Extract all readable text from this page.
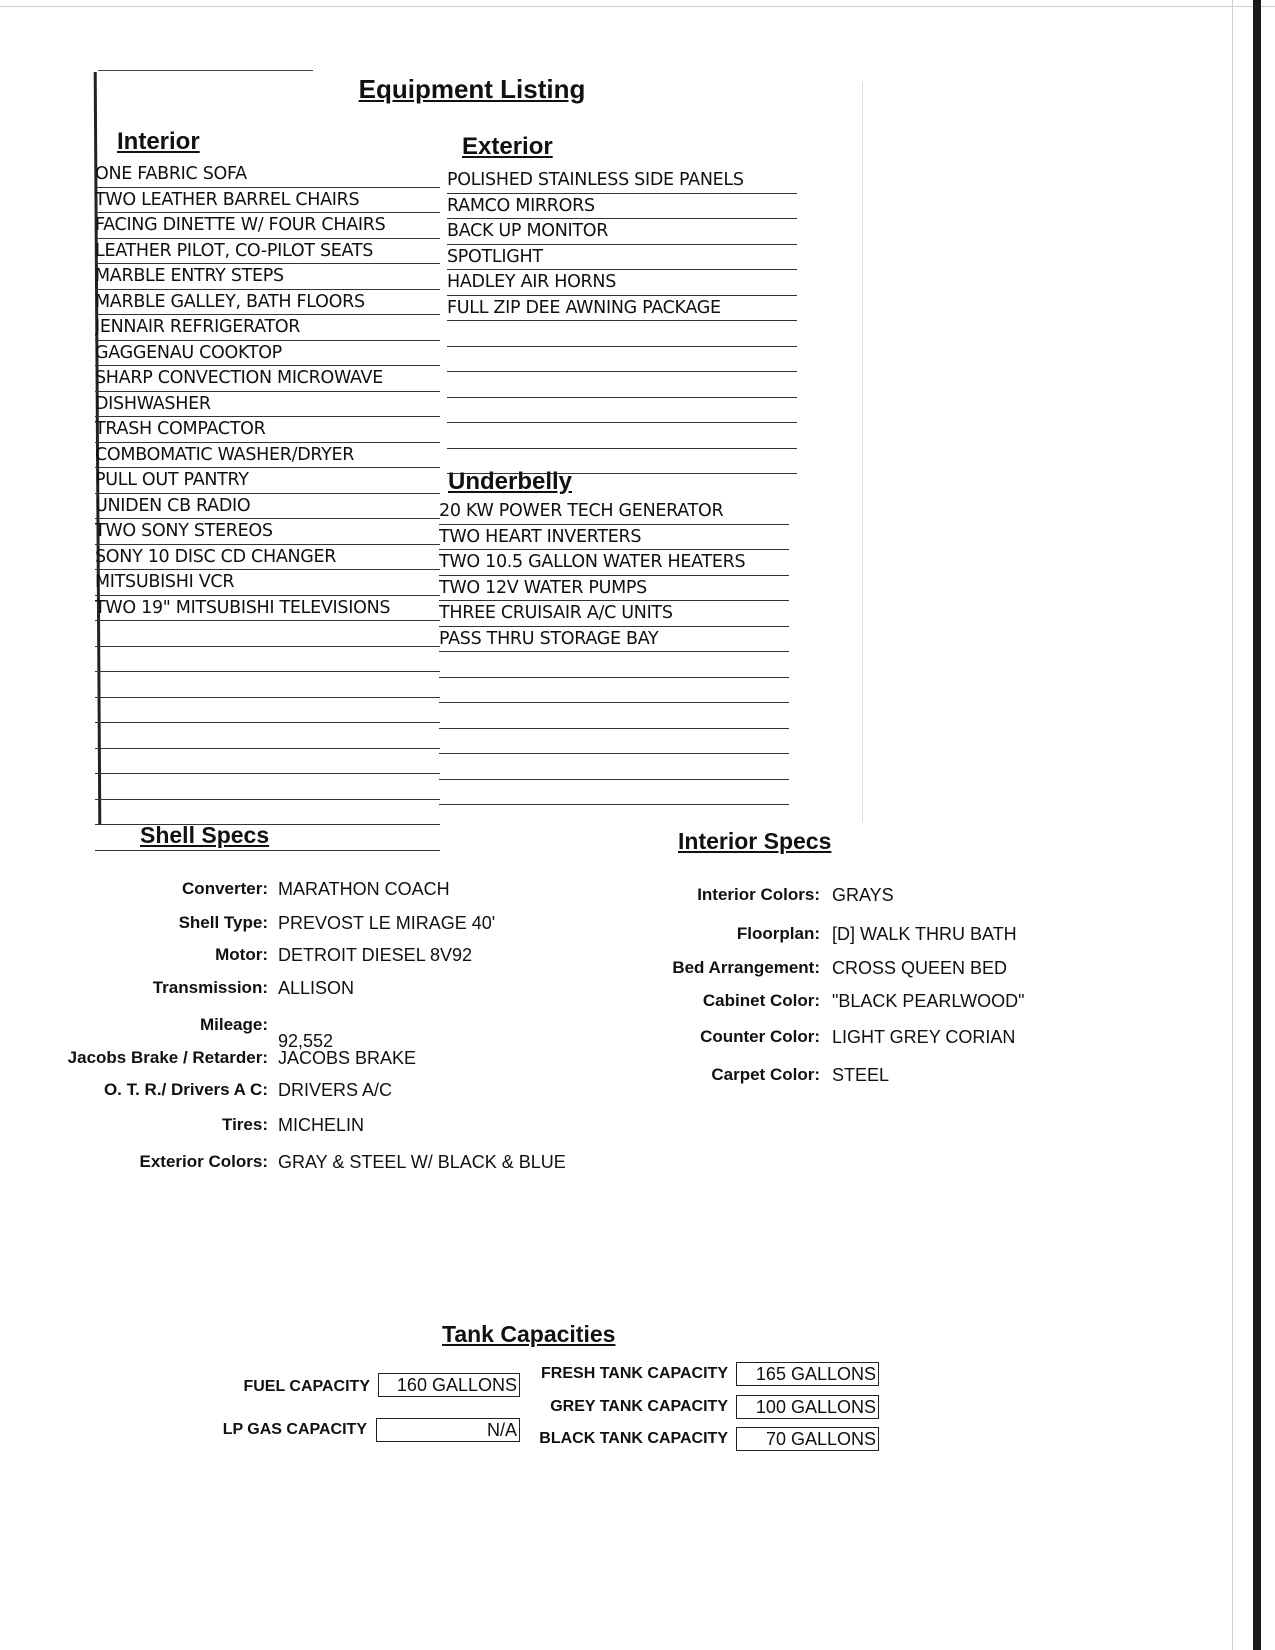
Equipment Listing
Interior
ONE FABRIC SOFA
TWO LEATHER BARREL CHAIRS
FACING DINETTE W/ FOUR CHAIRS
LEATHER PILOT, CO-PILOT SEATS
MARBLE ENTRY STEPS
MARBLE GALLEY, BATH FLOORS
JENNAIR REFRIGERATOR
GAGGENAU COOKTOP
SHARP CONVECTION MICROWAVE
DISHWASHER
TRASH COMPACTOR
COMBOMATIC WASHER/DRYER
PULL OUT PANTRY
UNIDEN CB RADIO
TWO SONY STEREOS
SONY 10 DISC CD CHANGER
MITSUBISHI VCR
TWO 19" MITSUBISHI TELEVISIONS
Exterior
POLISHED STAINLESS SIDE PANELS
RAMCO MIRRORS
BACK UP MONITOR
SPOTLIGHT
HADLEY AIR HORNS
FULL ZIP DEE AWNING PACKAGE
Underbelly
20 KW POWER TECH GENERATOR
TWO HEART INVERTERS
TWO 10.5 GALLON WATER HEATERS
TWO 12V WATER PUMPS
THREE CRUISAIR A/C UNITS
PASS THRU STORAGE BAY
Shell Specs
Converter: MARATHON COACH
Shell Type: PREVOST LE MIRAGE 40'
Motor: DETROIT DIESEL 8V92
Transmission: ALLISON
Mileage:
92,552
Jacobs Brake / Retarder: JACOBS BRAKE
O. T. R./ Drivers A C: DRIVERS A/C
Tires: MICHELIN
Exterior Colors: GRAY & STEEL W/ BLACK & BLUE
Interior Specs
Interior Colors: GRAYS
Floorplan: [D] WALK THRU BATH
Bed Arrangement: CROSS QUEEN BED
Cabinet Color: "BLACK PEARLWOOD"
Counter Color: LIGHT GREY CORIAN
Carpet Color: STEEL
Tank Capacities
FUEL CAPACITY	160 GALLONS
LP GAS CAPACITY	N/A
FRESH TANK CAPACITY	165 GALLONS
GREY TANK CAPACITY	100 GALLONS
BLACK TANK CAPACITY	70 GALLONS
